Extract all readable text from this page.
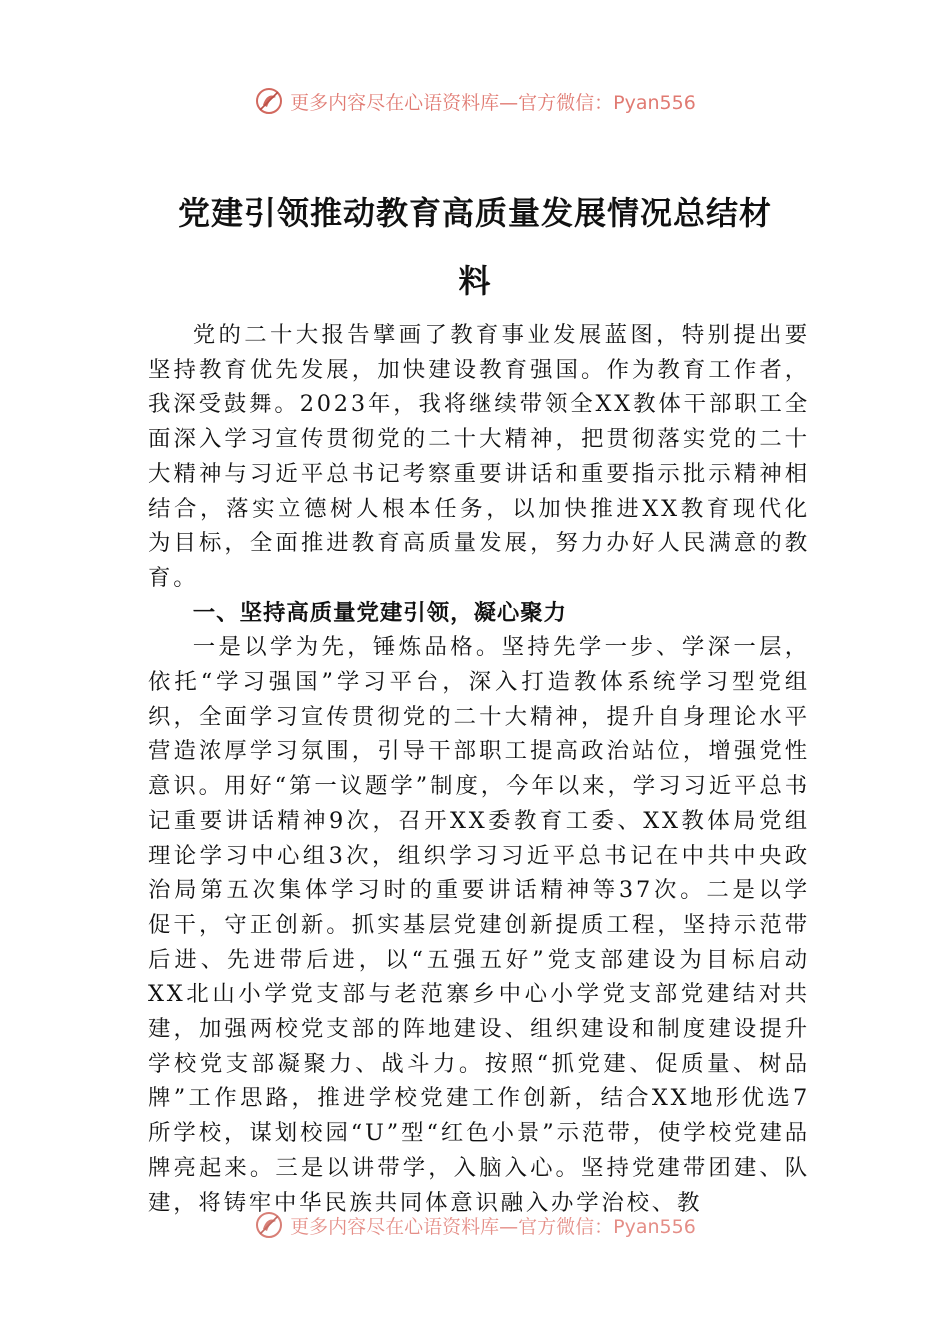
更多内容尽在心语资料库—官方微信：Pyan556
党建引领推动教育高质量发展情况总结材
料

党的二十大报告擘画了教育事业发展蓝图，特别提出要坚持教育优先发展，加快建设教育强国。作为教育工作者，我深受鼓舞。2023年，我将继续带领全XX教体干部职工全面深入学习宣传贯彻党的二十大精神，把贯彻落实党的二十大精神与习近平总书记考察重要讲话和重要指示批示精神相结合，落实立德树人根本任务，以加快推进XX教育现代化为目标，全面推进教育高质量发展，努力办好人民满意的教育。

一、坚持高质量党建引领，凝心聚力

一是以学为先，锤炼品格。坚持先学一步、学深一层，依托“学习强国”学习平台，深入打造教体系统学习型党组织，全面学习宣传贯彻党的二十大精神，提升自身理论水平营造浓厚学习氛围，引导干部职工提高政治站位，增强党性意识。用好“第一议题学”制度，今年以来，学习习近平总书记重要讲话精神9次，召开XX委教育工委、XX教体局党组理论学习中心组3次，组织学习习近平总书记在中共中央政治局第五次集体学习时的重要讲话精神等37次。二是以学促干，守正创新。抓实基层党建创新提质工程，坚持示范带后进、先进带后进，以“五强五好”党支部建设为目标启动XX北山小学党支部与老范寨乡中心小学党支部党建结对共建，加强两校党支部的阵地建设、组织建设和制度建设提升学校党支部凝聚力、战斗力。按照“抓党建、促质量、树品牌”工作思路，推进学校党建工作创新，结合XX地形优选7所学校，谋划校园“U”型“红色小景”示范带，使学校党建品牌亮起来。三是以讲带学，入脑入心。坚持党建带团建、队建，将铸牢中华民族共同体意识融入办学治校、教

更多内容尽在心语资料库—官方微信：Pyan556
